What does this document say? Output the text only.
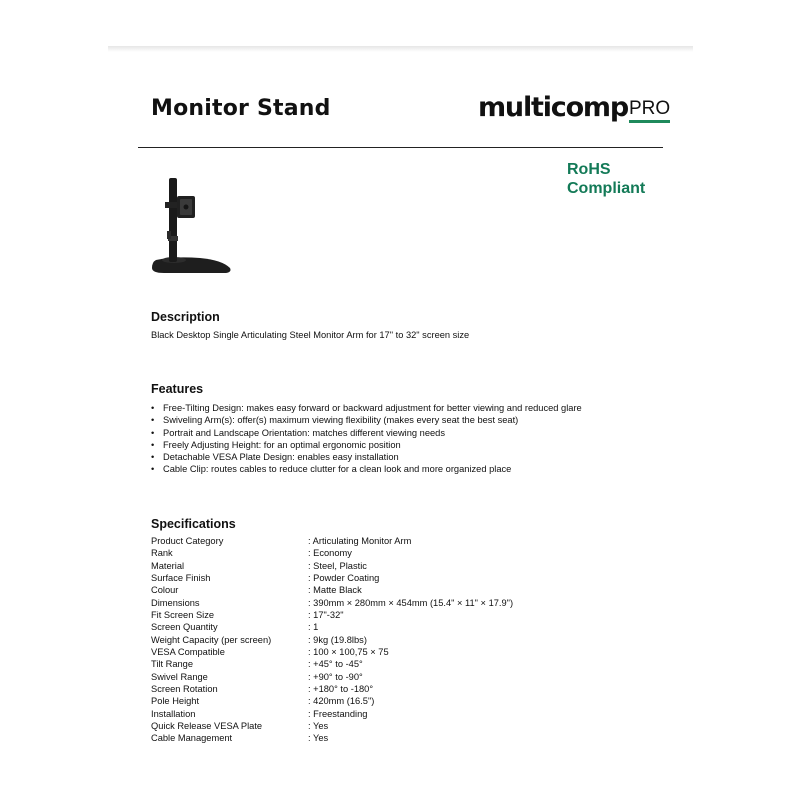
Monitor Stand	multicompPRO
RoHS
Compliant
Description
Black Desktop Single Articulating Steel Monitor Arm for 17" to 32" screen size
Features
• Free-Tilting Design: makes easy forward or backward adjustment for better viewing and reduced glare
• Swiveling Arm(s): offer(s) maximum viewing flexibility (makes every seat the best seat)
• Portrait and Landscape Orientation: matches different viewing needs
• Freely Adjusting Height: for an optimal ergonomic position
• Detachable VESA Plate Design: enables easy installation
• Cable Clip: routes cables to reduce clutter for a clean look and more organized place
Specifications
Product Category	: Articulating Monitor Arm
Rank	: Economy
Material	: Steel, Plastic
Surface Finish	: Powder Coating
Colour	: Matte Black
Dimensions	: 390mm × 280mm × 454mm (15.4" × 11" × 17.9")
Fit Screen Size	: 17"-32"
Screen Quantity	: 1
Weight Capacity (per screen)	: 9kg (19.8lbs)
VESA Compatible	: 100 × 100,75 × 75
Tilt Range	: +45° to -45°
Swivel Range	: +90° to -90°
Screen Rotation	: +180° to -180°
Pole Height	: 420mm (16.5")
Installation	: Freestanding
Quick Release VESA Plate	: Yes
Cable Management	: Yes
